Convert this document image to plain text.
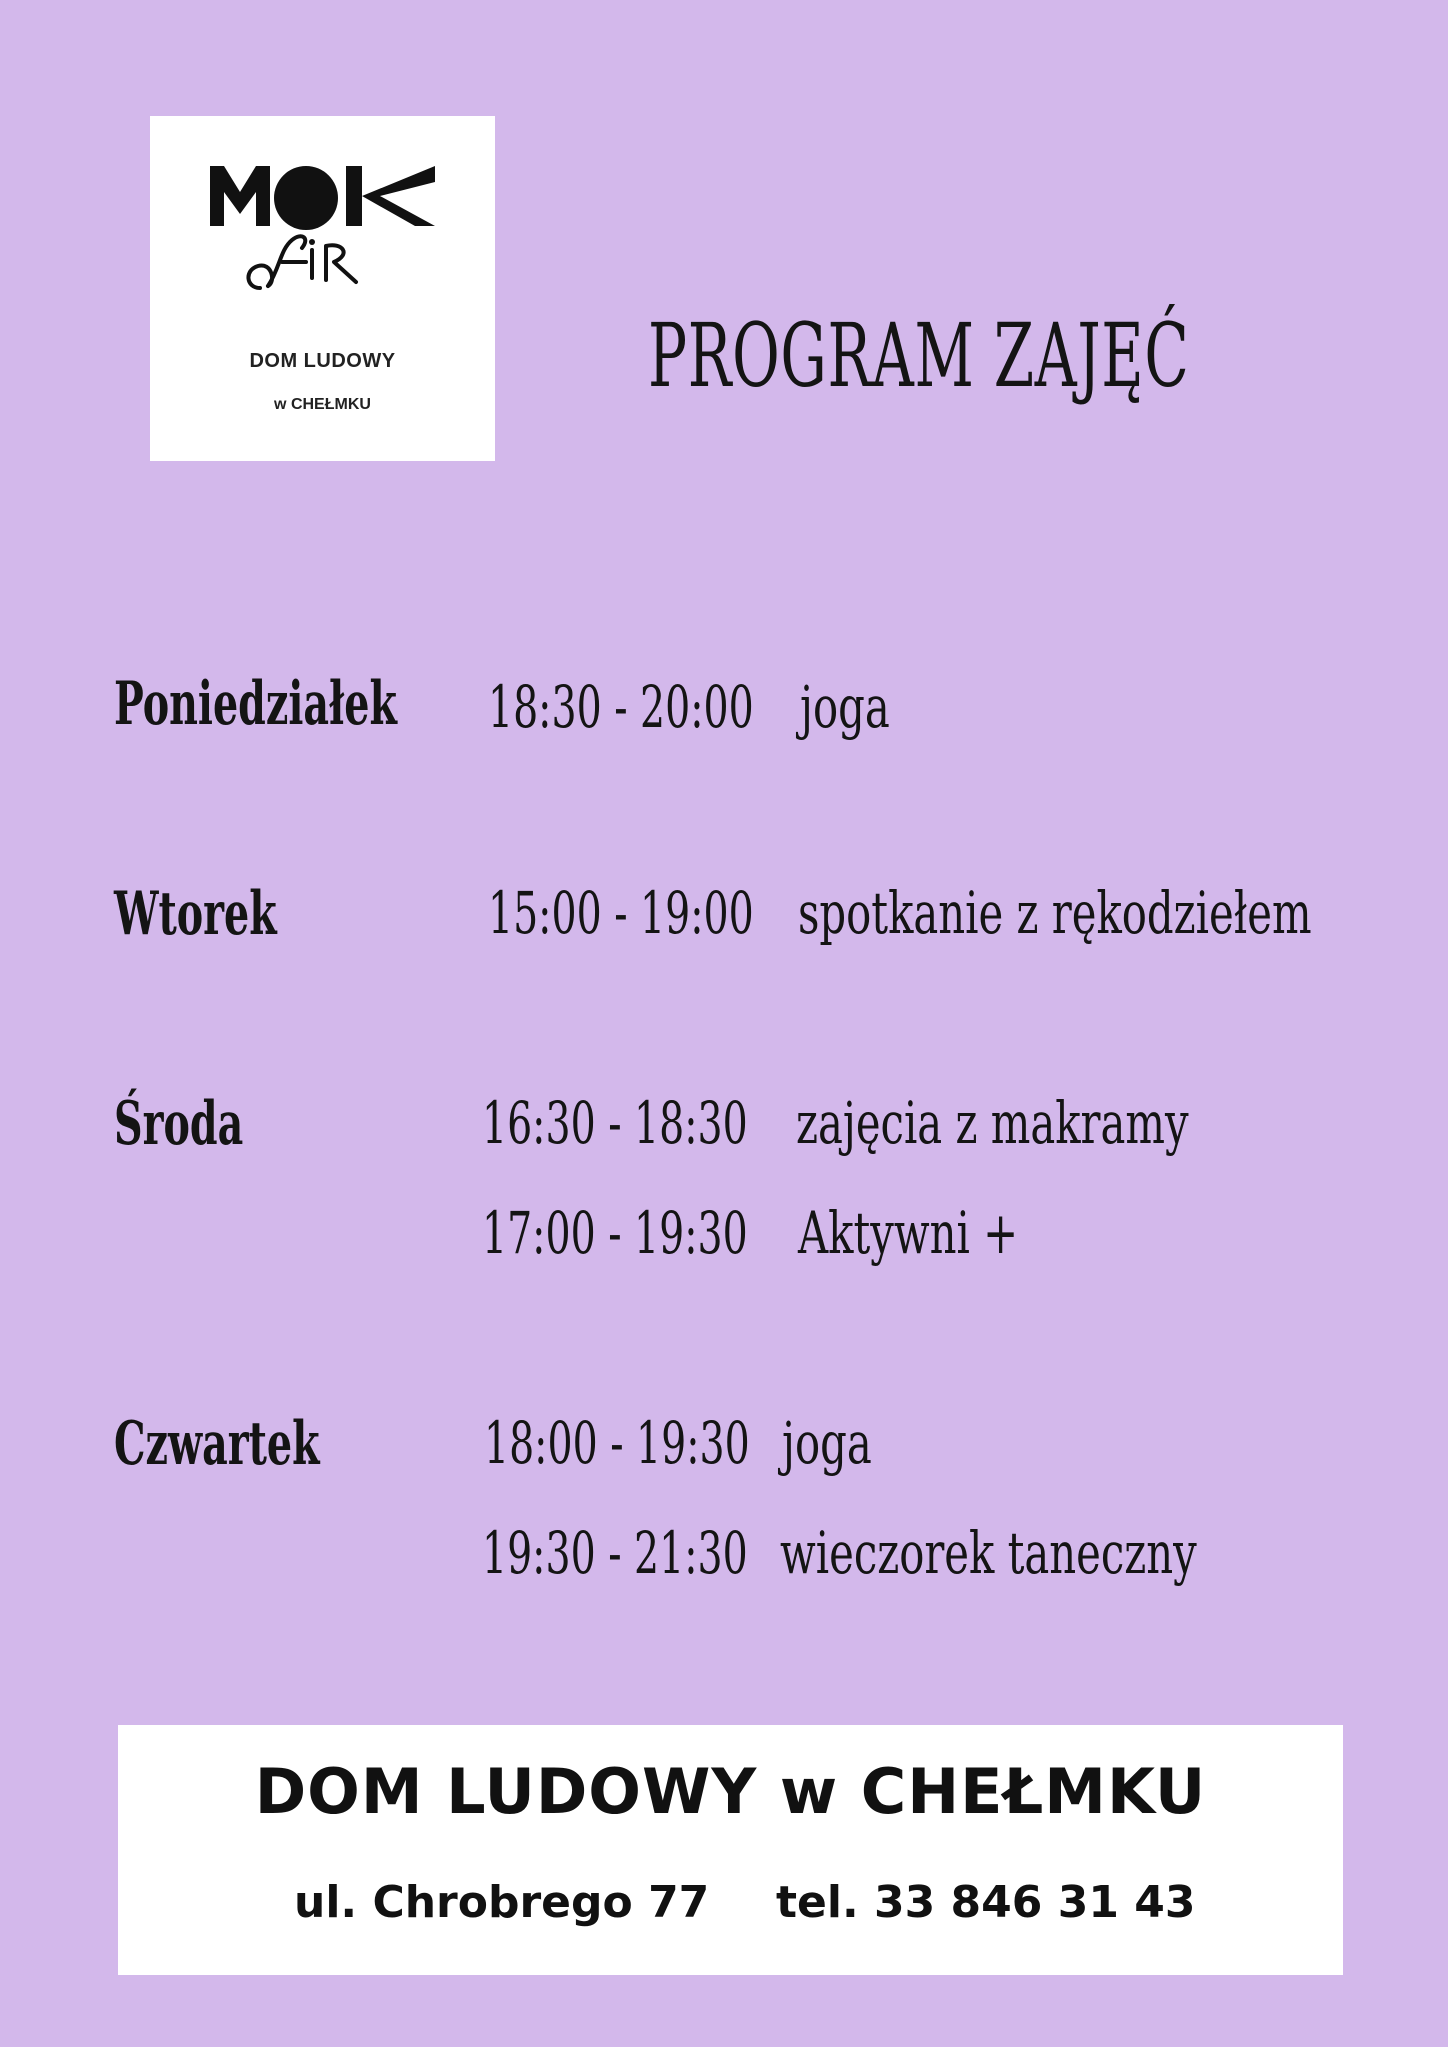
DOM LUDOWY
w CHEŁMKU	PROGRAM ZAJĘĆ
Poniedziałek 18:30 - 20:00 joga
Wtorek	15:00 - 19:00 spotkanie z rękodziełem
Środa	16:30 - 18:30 zajęcia z makramy
17:00 - 19:30 Aktywni +
Czwartek	18:00 - 19:30 joga
19:30 - 21:30 wieczorek taneczny
DOM LUDOWY w CHEŁMKU
ul. Chrobrego 77 tel. 33 846 31 43
